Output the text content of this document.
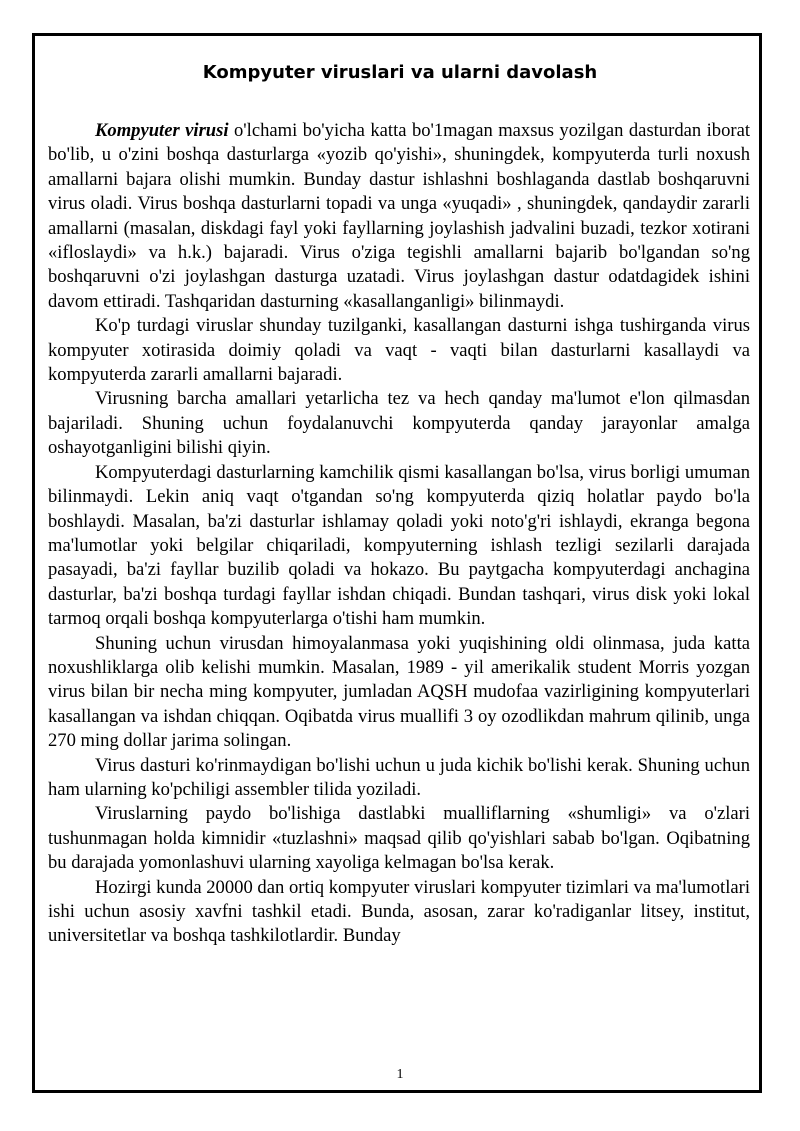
Kompyuter viruslari va ularni davolash

Kompyuter virusi o'lchami bo'yicha katta bo'1magan maxsus yozilgan dasturdan iborat bo'lib, u o'zini boshqa dasturlarga «yozib qo'yishi», shuningdek, kompyuterda turli noxush amallarni bajara olishi mumkin. Bunday dastur ishlashni boshlaganda dastlab boshqaruvni virus oladi. Virus boshqa dasturlarni topadi va unga «yuqadi» , shuningdek, qandaydir zararli amallarni (masalan, diskdagi fayl yoki fayllarning joylashish jadvalini buzadi, tezkor xotirani «ifloslaydi» va h.k.) bajaradi. Virus o'ziga tegishli amallarni bajarib bo'lgandan so'ng boshqaruvni o'zi joylashgan dasturga uzatadi. Virus joylashgan dastur odatdagidek ishini davom ettiradi. Tashqaridan dasturning «kasallanganligi» bilinmaydi.

Ko'p turdagi viruslar shunday tuzilganki, kasallangan dasturni ishga tushirganda virus kompyuter xotirasida doimiy qoladi va vaqt - vaqti bilan dasturlarni kasallaydi va kompyuterda zararli amallarni bajaradi.

Virusning barcha amallari yetarlicha tez va hech qanday ma'lumot e'lon qilmasdan bajariladi. Shuning uchun foydalanuvchi kompyuterda qanday jarayonlar amalga oshayotganligini bilishi qiyin.

Kompyuterdagi dasturlarning kamchilik qismi kasallangan bo'lsa, virus borligi umuman bilinmaydi. Lekin aniq vaqt o'tgandan so'ng kompyuterda qiziq holatlar paydo bo'la boshlaydi. Masalan, ba'zi dasturlar ishlamay qoladi yoki noto'g'ri ishlaydi, ekranga begona ma'lumotlar yoki belgilar chiqariladi, kompyuterning ishlash tezligi sezilarli darajada pasayadi, ba'zi fayllar buzilib qoladi va hokazo. Bu paytgacha kompyuterdagi anchagina dasturlar, ba'zi boshqa turdagi fayllar ishdan chiqadi. Bundan tashqari, virus disk yoki lokal tarmoq orqali boshqa kompyuterlarga o'tishi ham mumkin.

Shuning uchun virusdan himoyalanmasa yoki yuqishining oldi olinmasa, juda katta noxushliklarga olib kelishi mumkin. Masalan, 1989 - yil amerikalik student Morris yozgan virus bilan bir necha ming kompyuter, jumladan AQSH mudofaa vazirligining kompyuterlari kasallangan va ishdan chiqqan. Oqibatda virus muallifi 3 oy ozodlikdan mahrum qilinib, unga 270 ming dollar jarima solingan.

Virus dasturi ko'rinmaydigan bo'lishi uchun u juda kichik bo'lishi kerak. Shuning uchun ham ularning ko'pchiligi assembler tilida yoziladi.

Viruslarning paydo bo'lishiga dastlabki mualliflarning «shumligi» va o'zlari tushunmagan holda kimnidir «tuzlashni» maqsad qilib qo'yishlari sabab bo'lgan. Oqibatning bu darajada yomonlashuvi ularning xayoliga kelmagan bo'lsa kerak.

Hozirgi kunda 20000 dan ortiq kompyuter viruslari kompyuter tizimlari va ma'lumotlari ishi uchun asosiy xavfni tashkil etadi. Bunda, asosan, zarar ko'radiganlar litsey, institut, universitetlar va boshqa tashkilotlardir. Bunday

1
